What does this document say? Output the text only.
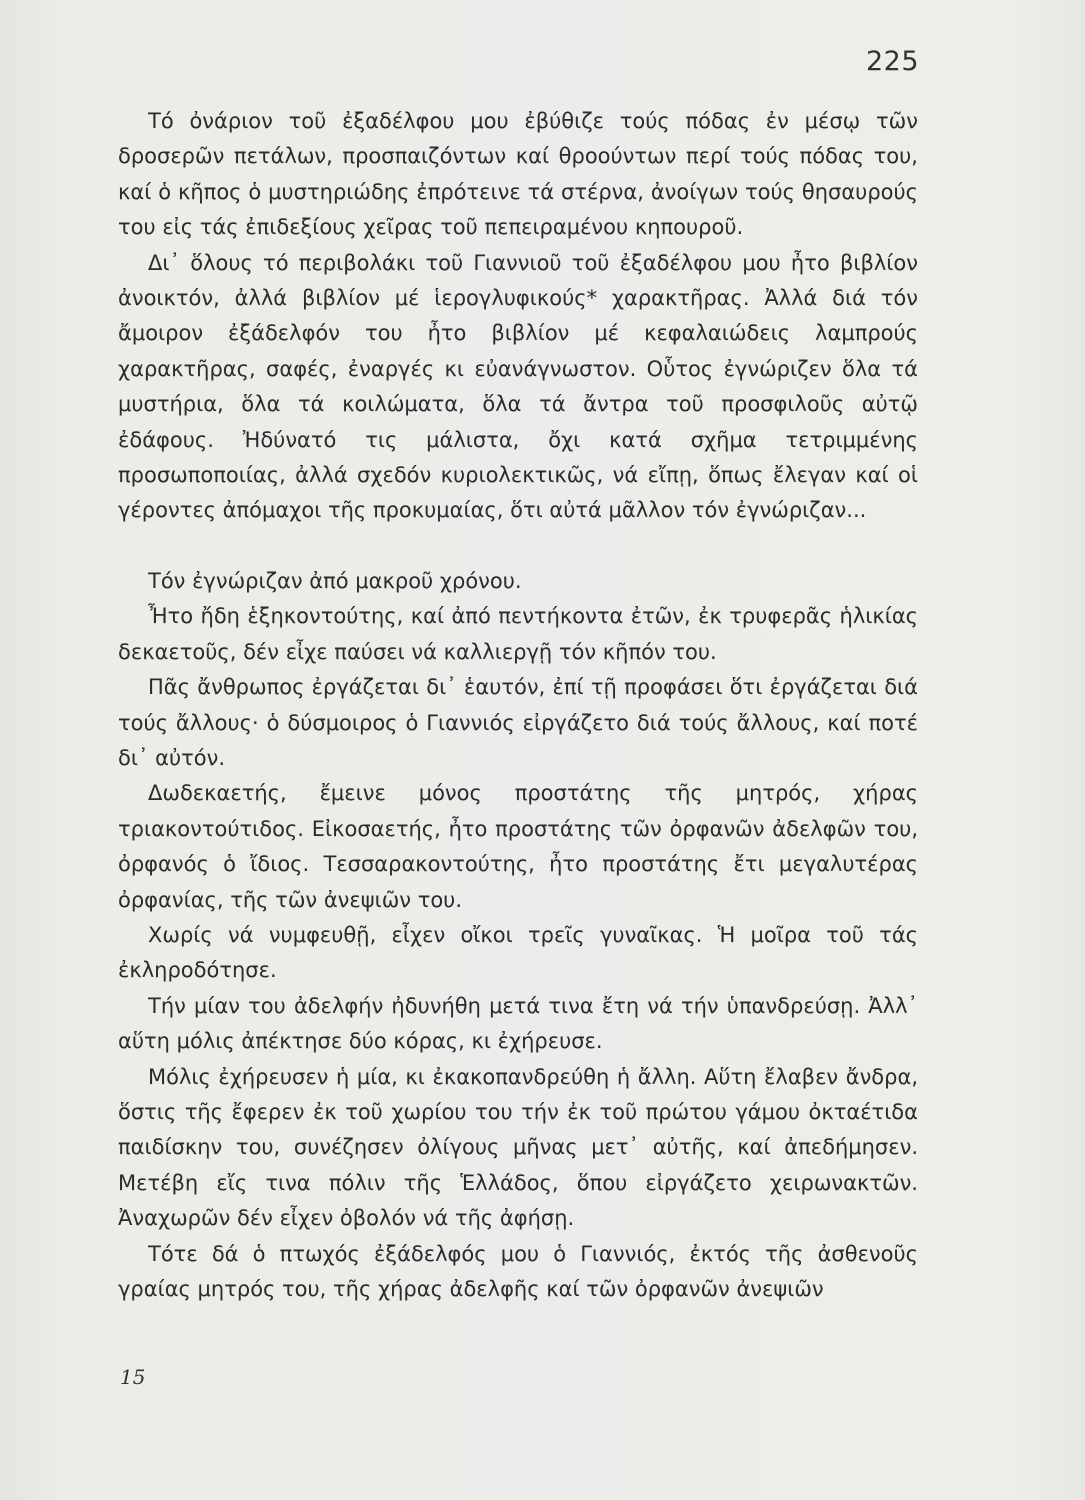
225

Τό ὀνάριον τοῦ ἐξαδέλφου μου ἐβύθιζε τούς πόδας ἐν μέσῳ τῶν δροσερῶν πετάλων, προσπαιζόντων καί θροούντων περί τούς πόδας του, καί ὁ κῆπος ὁ μυστηριώδης ἐπρότεινε τά στέρνα, ἀνοίγων τούς θησαυρούς του εἰς τάς ἐπιδεξίους χεῖρας τοῦ πεπειραμένου κηπουροῦ.

Δι᾽ ὅλους τό περιβολάκι τοῦ Γιαννιοῦ τοῦ ἐξαδέλφου μου ἦτο βιβλίον ἀνοικτόν, ἀλλά βιβλίον μέ ἱερογλυφικούς* χαρακτῆρας. Ἀλλά διά τόν ἄμοιρον ἐξάδελφόν του ἦτο βιβλίον μέ κεφαλαιώδεις λαμπρούς χαρακτῆρας, σαφές, ἐναργές κι εὐανάγνωστον. Οὗτος ἐγνώριζεν ὅλα τά μυστήρια, ὅλα τά κοιλώματα, ὅλα τά ἄντρα τοῦ προσφιλοῦς αὐτῷ ἐδάφους. Ἠδύνατό τις μάλιστα, ὄχι κατά σχῆμα τετριμμένης προσωποποιίας, ἀλλά σχεδόν κυριολεκτικῶς, νά εἴπῃ, ὅπως ἔλεγαν καί οἱ γέροντες ἀπόμαχοι τῆς προκυμαίας, ὅτι αὐτά μᾶλλον τόν ἐγνώριζαν...

Τόν ἐγνώριζαν ἀπό μακροῦ χρόνου.

Ἦτο ἤδη ἑξηκοντούτης, καί ἀπό πεντήκοντα ἐτῶν, ἐκ τρυφερᾶς ἡλικίας δεκαετοῦς, δέν εἶχε παύσει νά καλλιεργῇ τόν κῆπόν του.

Πᾶς ἄνθρωπος ἐργάζεται δι᾽ ἑαυτόν, ἐπί τῇ προφάσει ὅτι ἐργάζεται διά τούς ἄλλους· ὁ δύσμοιρος ὁ Γιαννιός εἰργάζετο διά τούς ἄλλους, καί ποτέ δι᾽ αὐτόν.

Δωδεκαετής, ἔμεινε μόνος προστάτης τῆς μητρός, χήρας τριακοντούτιδος. Εἰκοσαετής, ἦτο προστάτης τῶν ὀρφανῶν ἀδελφῶν του, ὀρφανός ὁ ἴδιος. Τεσσαρακοντούτης, ἦτο προστάτης ἔτι μεγαλυτέρας ὀρφανίας, τῆς τῶν ἀνεψιῶν του.

Χωρίς νά νυμφευθῇ, εἶχεν οἴκοι τρεῖς γυναῖκας. Ἡ μοῖρα τοῦ τάς ἐκληροδότησε.

Τήν μίαν του ἀδελφήν ἠδυνήθη μετά τινα ἔτη νά τήν ὑπανδρεύσῃ. Ἀλλ᾽ αὕτη μόλις ἀπέκτησε δύο κόρας, κι ἐχήρευσε.

Μόλις ἐχήρευσεν ἡ μία, κι ἐκακοπανδρεύθη ἡ ἄλλη. Αὕτη ἔλαβεν ἄνδρα, ὅστις τῆς ἔφερεν ἐκ τοῦ χωρίου του τήν ἐκ τοῦ πρώτου γάμου ὀκταέτιδα παιδίσκην του, συνέζησεν ὀλίγους μῆνας μετ᾽ αὐτῆς, καί ἀπεδήμησεν. Μετέβη εἴς τινα πόλιν τῆς Ἑλλάδος, ὅπου εἰργάζετο χειρωνακτῶν. Ἀναχωρῶν δέν εἶχεν ὀβολόν νά τῆς ἀφήσῃ.

Τότε δά ὁ πτωχός ἐξάδελφός μου ὁ Γιαννιός, ἐκτός τῆς ἀσθενοῦς γραίας μητρός του, τῆς χήρας ἀδελφῆς καί τῶν ὀρφανῶν ἀνεψιῶν

15
